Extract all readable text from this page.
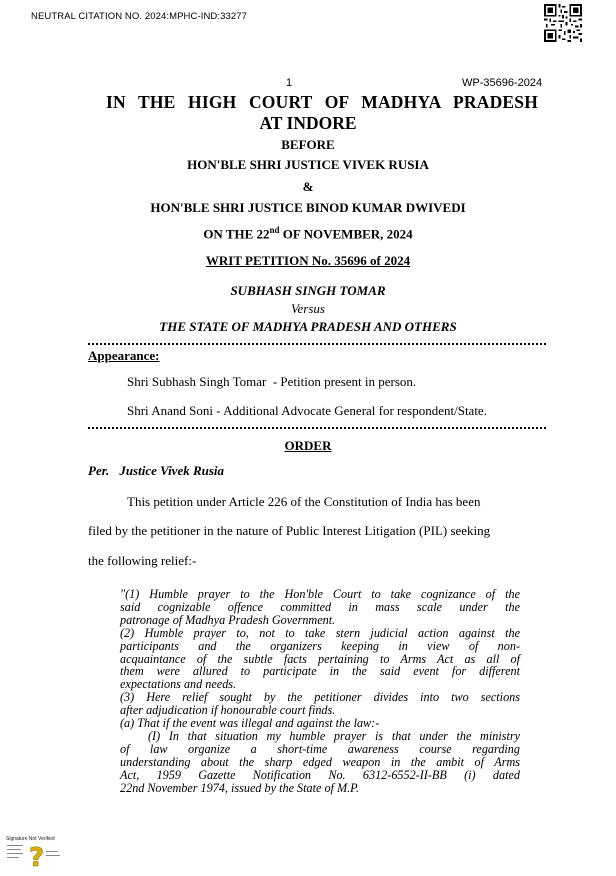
NEUTRAL CITATION NO. 2024:MPHC-IND:33277
1	WP-35696-2024
IN THE HIGH COURT OF MADHYA PRADESH
AT INDORE
BEFORE
HON'BLE SHRI JUSTICE VIVEK RUSIA
&
HON'BLE SHRI JUSTICE BINOD KUMAR DWIVEDI
ON THE 22nd OF NOVEMBER, 2024
WRIT PETITION No. 35696 of 2024
SUBHASH SINGH TOMAR
Versus
THE STATE OF MADHYA PRADESH AND OTHERS
Appearance:
Shri Subhash Singh Tomar  - Petition present in person.
Shri Anand Soni - Additional Advocate General for respondent/State.
ORDER
Per. Justice Vivek Rusia
This petition under Article 226 of the Constitution of India has been
filed by the petitioner in the nature of Public Interest Litigation (PIL) seeking
the following relief:-
"(1) Humble prayer to the Hon'ble Court to take cognizance of the
said cognizable offence committed in mass scale under the
patronage of Madhya Pradesh Government.
(2) Humble prayer to, not to take stern judicial action against the
participants and the organizers keeping in view of non-
acquaintance of the subtle facts pertaining to Arms Act as all of
them were allured to participate in the said event for different
expectations and needs.
(3) Here relief sought by the petitioner divides into two sections
after adjudication if honourable court finds.
(a) That if the event was illegal and against the law:-
(I) In that situation my humble prayer is that under the ministry
of law organize a short-time awareness course regarding
understanding about the sharp edged weapon in the ambit of Arms
Act, 1959 Gazette Notification No. 6312-6552-II-BB (i) dated
22nd November 1974, issued by the State of M.P.
Signature Not Verified
?
